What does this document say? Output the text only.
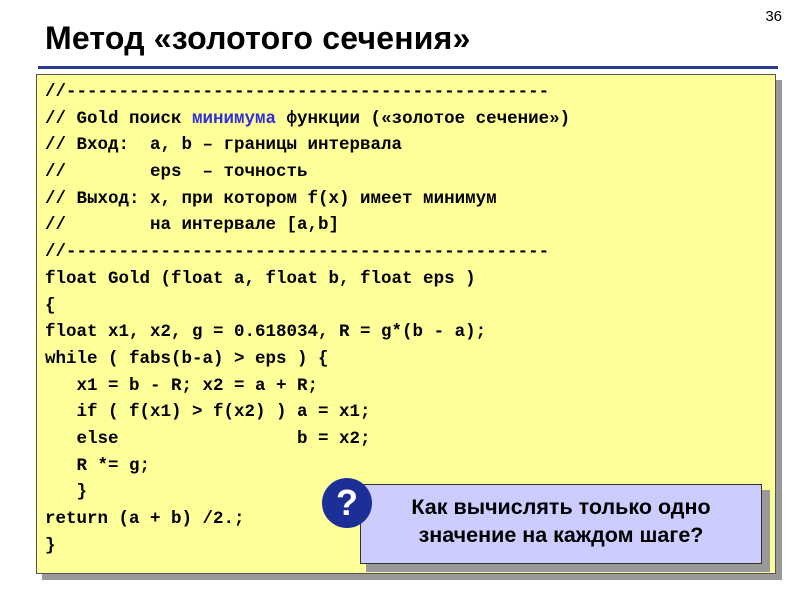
36
Метод «золотого сечения»
//----------------------------------------------
// Gold поиск минимума функции («золотое сечение»)
// Вход:  a, b – границы интервала
//        eps  – точность
// Выход: x, при котором f(x) имеет минимум
//        на интервале [a,b]
//----------------------------------------------
float Gold (float a, float b, float eps )
{
float x1, x2, g = 0.618034, R = g*(b - a);
while ( fabs(b-a) > eps ) {
x1 = b - R; x2 = a + R;
if ( f(x1) > f(x2) ) a = x1;
else                 b = x2;
R *= g;
}
return (a + b) /2.;
}
Как вычислять только одно
значение на каждом шаге?
?
